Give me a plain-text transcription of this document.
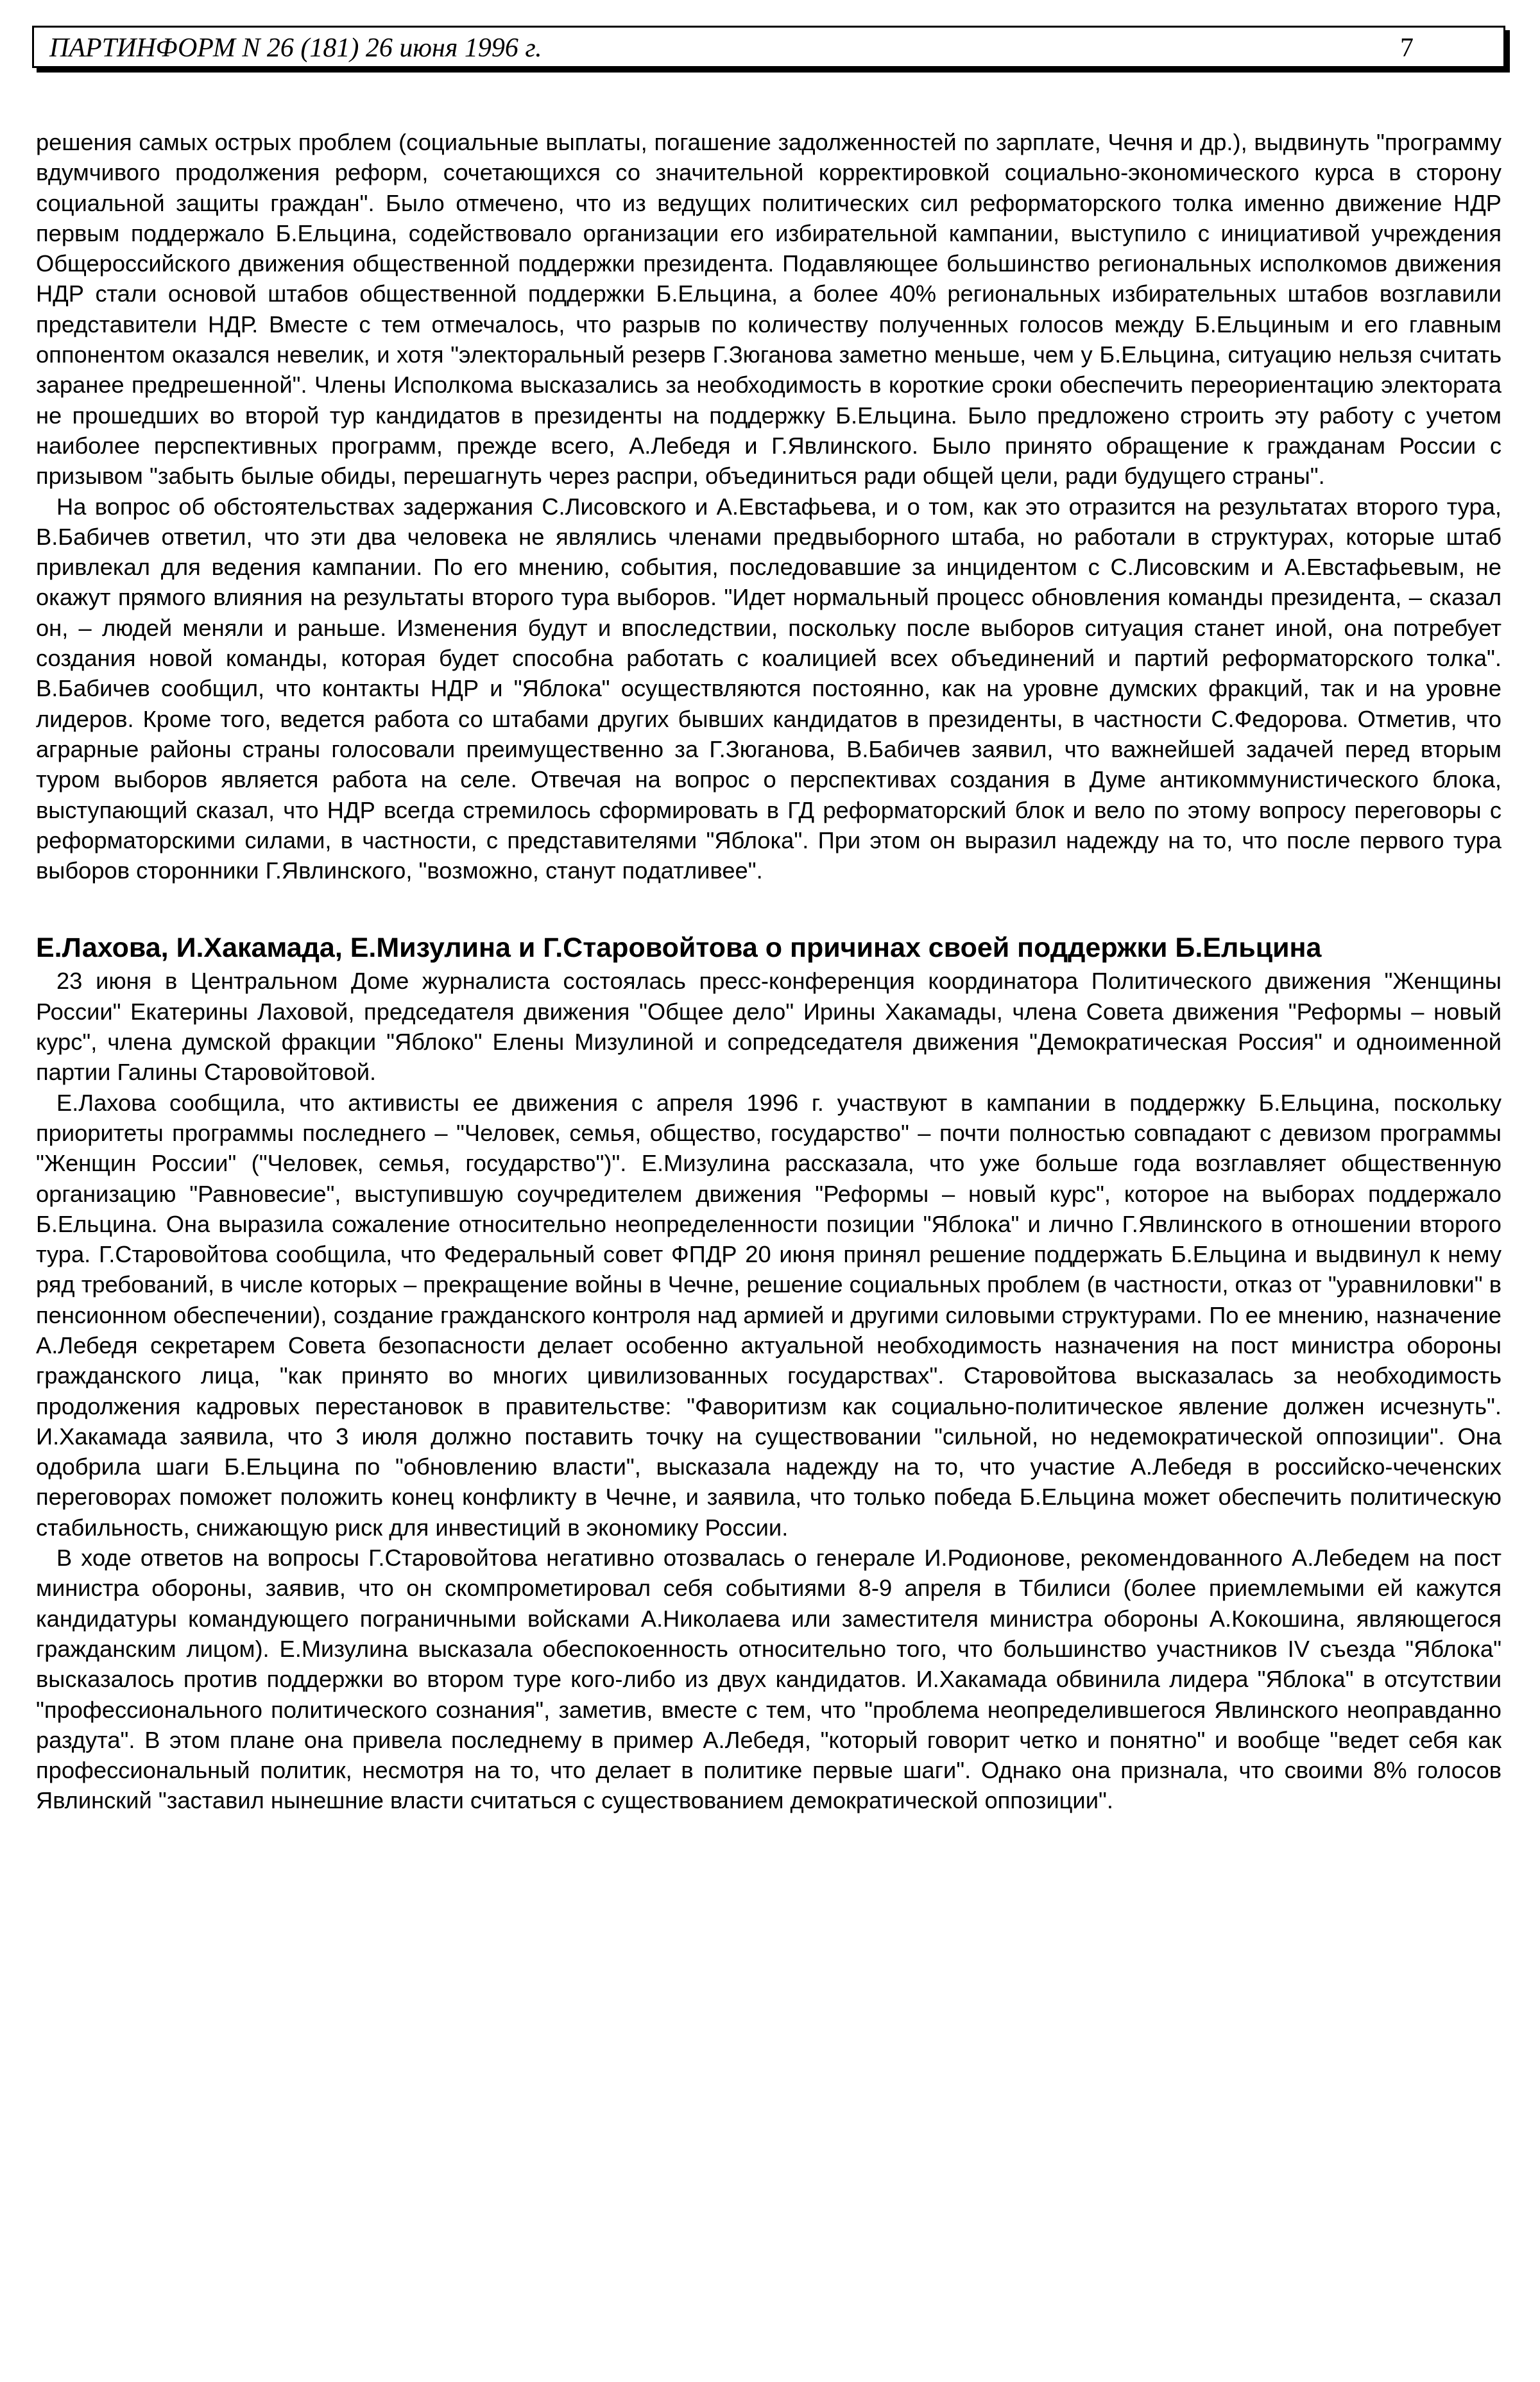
ПАРТИНФОРМ N 26 (181) 26 июня 1996 г.	7

решения самых острых проблем (социальные выплаты, погашение задолженностей по зарплате, Чечня и др.), выдвинуть "программу вдумчивого продолжения реформ, сочетающихся со значительной корректировкой социально-экономического курса в сторону социальной защиты граждан". Было отмечено, что из ведущих политических сил реформаторского толка именно движение НДР первым поддержало Б.Ельцина, содействовало организации его избирательной кампании, выступило с инициативой учреждения Общероссийского движения общественной поддержки президента. Подавляющее большинство региональных исполкомов движения НДР стали основой штабов общественной поддержки Б.Ельцина, а более 40% региональных избирательных штабов возглавили представители НДР. Вместе с тем отмечалось, что разрыв по количеству полученных голосов между Б.Ельциным и его главным оппонентом оказался невелик, и хотя "электоральный резерв Г.Зюганова заметно меньше, чем у Б.Ельцина, ситуацию нельзя считать заранее предрешенной". Члены Исполкома высказались за необходимость в короткие сроки обеспечить переориентацию электората не прошедших во второй тур кандидатов в президенты на поддержку Б.Ельцина. Было предложено строить эту работу с учетом наиболее перспективных программ, прежде всего, А.Лебедя и Г.Явлинского. Было принято обращение к гражданам России с призывом "забыть былые обиды, перешагнуть через распри, объединиться ради общей цели, ради будущего страны".

На вопрос об обстоятельствах задержания С.Лисовского и А.Евстафьева, и о том, как это отразится на результатах второго тура, В.Бабичев ответил, что эти два человека не являлись членами предвыборного штаба, но работали в структурах, которые штаб привлекал для ведения кампании. По его мнению, события, последовавшие за инцидентом с С.Лисовским и А.Евстафьевым, не окажут прямого влияния на результаты второго тура выборов. "Идет нормальный процесс обновления команды президента, – сказал он, – людей меняли и раньше. Изменения будут и впоследствии, поскольку после выборов ситуация станет иной, она потребует создания новой команды, которая будет способна работать с коалицией всех объединений и партий реформаторского толка". В.Бабичев сообщил, что контакты НДР и "Яблока" осуществляются постоянно, как на уровне думских фракций, так и на уровне лидеров. Кроме того, ведется работа со штабами других бывших кандидатов в президенты, в частности С.Федорова. Отметив, что аграрные районы страны голосовали преимущественно за Г.Зюганова, В.Бабичев заявил, что важнейшей задачей перед вторым туром выборов является работа на селе. Отвечая на вопрос о перспективах создания в Думе антикоммунистического блока, выступающий сказал, что НДР всегда стремилось сформировать в ГД реформаторский блок и вело по этому вопросу переговоры с реформаторскими силами, в частности, с представителями "Яблока". При этом он выразил надежду на то, что после первого тура выборов сторонники Г.Явлинского, "возможно, станут податливее".

Е.Лахова, И.Хакамада, Е.Мизулина и Г.Старовойтова о причинах своей поддержки Б.Ельцина

23 июня в Центральном Доме журналиста состоялась пресс-конференция координатора Политического движения "Женщины России" Екатерины Лаховой, председателя движения "Общее дело" Ирины Хакамады, члена Совета движения "Реформы – новый курс", члена думской фракции "Яблоко" Елены Мизулиной и сопредседателя движения "Демократическая Россия" и одноименной партии Галины Старовойтовой.

Е.Лахова сообщила, что активисты ее движения с апреля 1996 г. участвуют в кампании в поддержку Б.Ельцина, поскольку приоритеты программы последнего – "Человек, семья, общество, государство" – почти полностью совпадают с девизом программы "Женщин России" ("Человек, семья, государство")". Е.Мизулина рассказала, что уже больше года возглавляет общественную организацию "Равновесие", выступившую соучредителем движения "Реформы – новый курс", которое на выборах поддержало Б.Ельцина. Она выразила сожаление относительно неопределенности позиции "Яблока" и лично Г.Явлинского в отношении второго тура. Г.Старовойтова сообщила, что Федеральный совет ФПДР 20 июня принял решение поддержать Б.Ельцина и выдвинул к нему ряд требований, в числе которых – прекращение войны в Чечне, решение социальных проблем (в частности, отказ от "уравниловки" в пенсионном обеспечении), создание гражданского контроля над армией и другими силовыми структурами. По ее мнению, назначение А.Лебедя секретарем Совета безопасности делает особенно актуальной необходимость назначения на пост министра обороны гражданского лица, "как принято во многих цивилизованных государствах". Старовойтова высказалась за необходимость продолжения кадровых перестановок в правительстве: "Фаворитизм как социально-политическое явление должен исчезнуть". И.Хакамада заявила, что 3 июля должно поставить точку на существовании "сильной, но недемократической оппозиции". Она одобрила шаги Б.Ельцина по "обновлению власти", высказала надежду на то, что участие А.Лебедя в российско-чеченских переговорах поможет положить конец конфликту в Чечне, и заявила, что только победа Б.Ельцина может обеспечить политическую стабильность, снижающую риск для инвестиций в экономику России.

В ходе ответов на вопросы Г.Старовойтова негативно отозвалась о генерале И.Родионове, рекомендованного А.Лебедем на пост министра обороны, заявив, что он скомпрометировал себя событиями 8-9 апреля в Тбилиси (более приемлемыми ей кажутся кандидатуры командующего пограничными войсками А.Николаева или заместителя министра обороны А.Кокошина, являющегося гражданским лицом). Е.Мизулина высказала обеспокоенность относительно того, что большинство участников IV съезда "Яблока" высказалось против поддержки во втором туре кого-либо из двух кандидатов. И.Хакамада обвинила лидера "Яблока" в отсутствии "профессионального политического сознания", заметив, вместе с тем, что "проблема неопределившегося Явлинского неоправданно раздута". В этом плане она привела последнему в пример А.Лебедя, "который говорит четко и понятно" и вообще "ведет себя как профессиональный политик, несмотря на то, что делает в политике первые шаги". Однако она признала, что своими 8% голосов Явлинский "заставил нынешние власти считаться с существованием демократической оппозиции".
